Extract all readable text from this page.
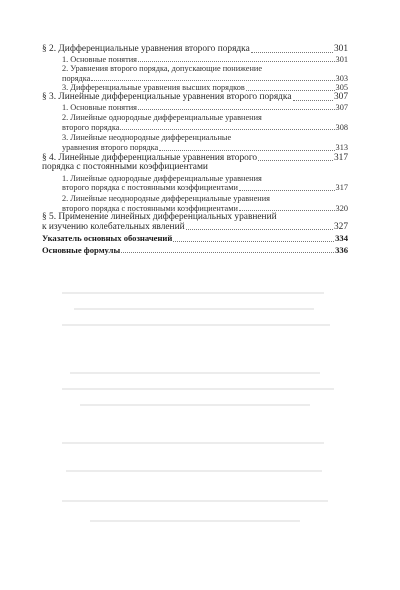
§ 2. Дифференциальные уравнения второго порядка	301
1. Основные понятия	301
2. Уравнения второго порядка, допускающие понижение
порядка	303
3. Дифференциальные уравнения высших порядков	305
§ 3. Линейные дифференциальные уравнения второго порядка	307
1. Основные понятия	307
2. Линейные однородные дифференциальные уравнения
второго порядка	308
3. Линейные неоднородные дифференциальные
уравнения второго порядка	313
§ 4. Линейные дифференциальные уравнения второго	317
порядка с постоянными коэффициентами
1. Линейные однородные дифференциальные уравнения
второго порядка с постоянными коэффициентами	317
2. Линейные неоднородные дифференциальные уравнения
второго порядка с постоянными коэффициентами	320
§ 5. Применение линейных дифференциальных уравнений
к изучению колебательных явлений	327
Указатель основных обозначений	334
Основные формулы	336
